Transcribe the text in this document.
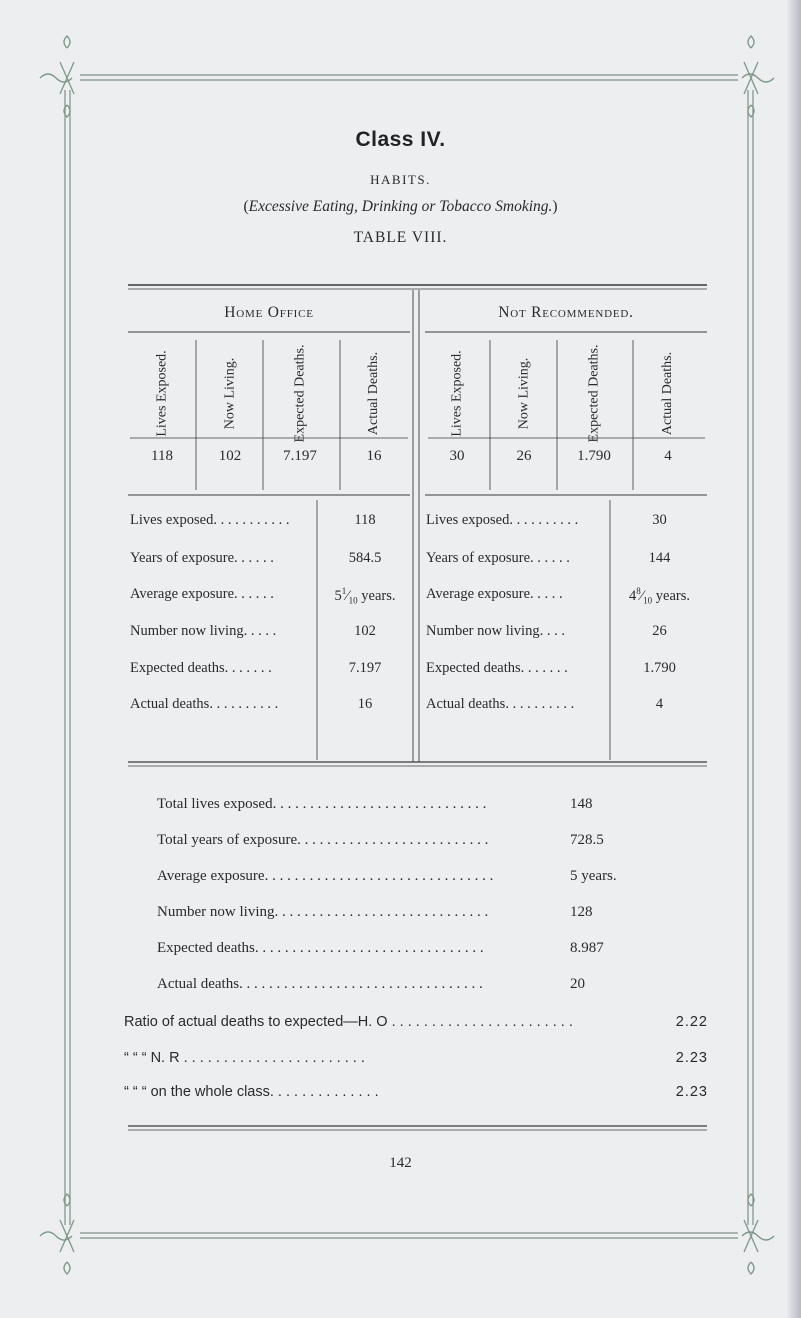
Class IV.
HABITS.
(Excessive Eating, Drinking or Tobacco Smoking.)
TABLE VIII.
Home Office	Not Recommended.
Lives Exposed.	Now Living.	Expected Deaths.	Actual Deaths.	Lives Exposed.	Now Living.	Expected Deaths.	Actual Deaths.
118	102	7.197	16	30	26	1.790	4
Lives exposed. . . . . . . . . . .	118
Years of exposure. . . . . .	584.5
Average exposure. . . . . .	$5^1⁄_{10}$ years.
Number now living. . . . .	102
Expected deaths. . . . . . .	7.197
Actual deaths. . . . . . . . . .	16
Lives exposed. . . . . . . . . .	30
Years of exposure. . . . . .	144
Average exposure. . . . .	$4^8⁄_{10}$ years.
Number now living. . . .	26
Expected deaths. . . . . . .	1.790
Actual deaths. . . . . . . . . .	4
Total lives exposed. . . . . . . . . . . . . . . . . . . . . . . . . . . . .	148
Total years of exposure. . . . . . . . . . . . . . . . . . . . . . . . . .	728.5
Average exposure. . . . . . . . . . . . . . . . . . . . . . . . . . . . . . .	5 years.
Number now living. . . . . . . . . . . . . . . . . . . . . . . . . . . . .	128
Expected deaths. . . . . . . . . . . . . . . . . . . . . . . . . . . . . . .	8.987
Actual deaths. . . . . . . . . . . . . . . . . . . . . . . . . . . . . . . . .	20
Ratio of actual deaths to expected—H. O . . . . . . . . . . . . . . . . . . . . . . .	2.22
“ “ “ N. R . . . . . . . . . . . . . . . . . . . . . . .	2.23
“ “ “ on the whole class. . . . . . . . . . . . . .	2.23
142
